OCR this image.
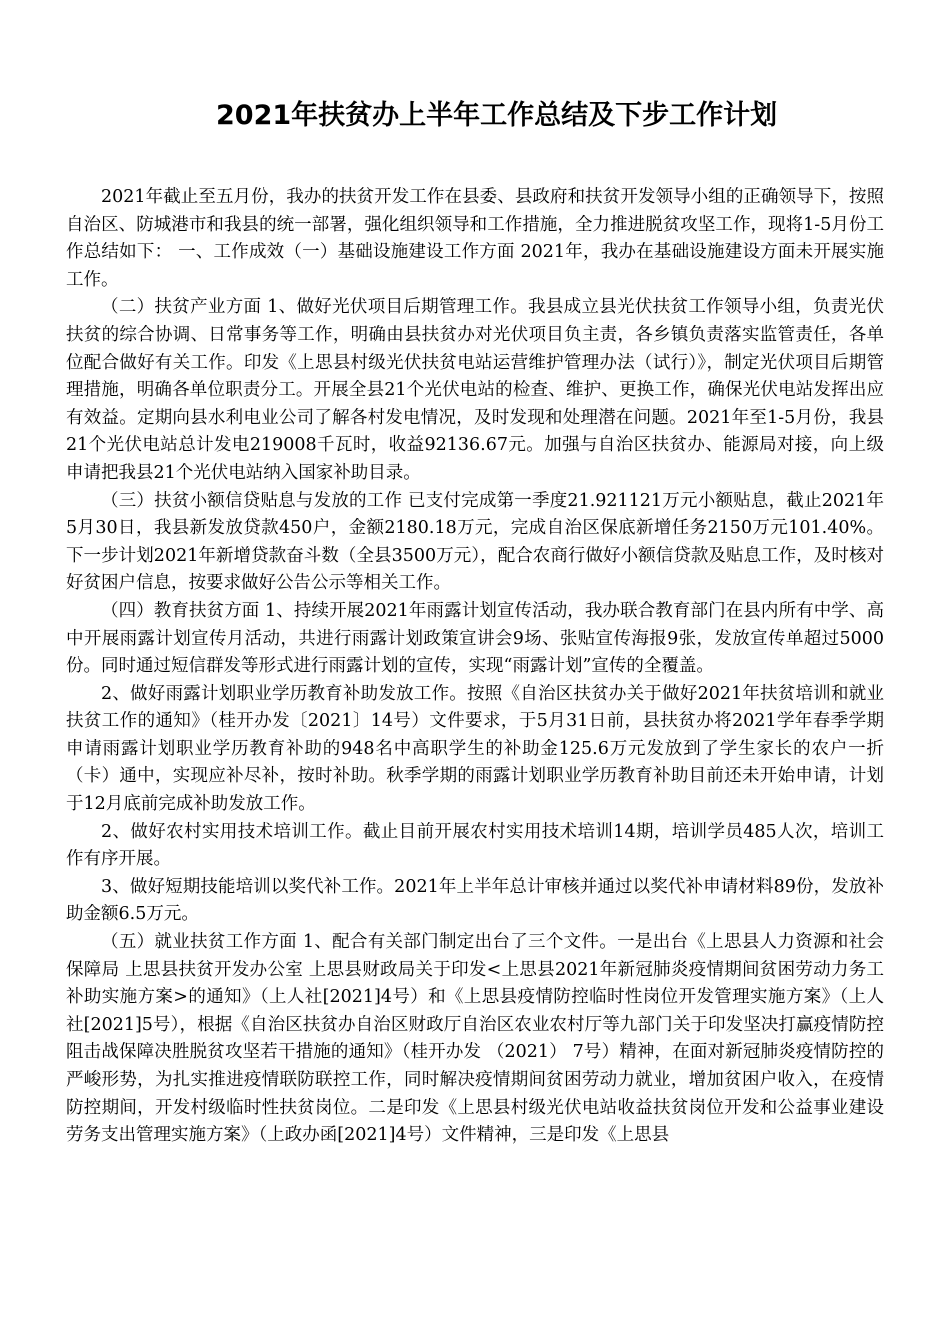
2021年扶贫办上半年工作总结及下步工作计划

2021年截止至五月份，我办的扶贫开发工作在县委、县政府和扶贫开发领导小组的正确领导下，按照自治区、防城港市和我县的统一部署，强化组织领导和工作措施，全力推进脱贫攻坚工作，现将1-5月份工作总结如下： 一、工作成效（一）基础设施建设工作方面 2021年，我办在基础设施建设方面未开展实施工作。

（二）扶贫产业方面 1、做好光伏项目后期管理工作。我县成立县光伏扶贫工作领导小组，负责光伏扶贫的综合协调、日常事务等工作，明确由县扶贫办对光伏项目负主责，各乡镇负责落实监管责任，各单位配合做好有关工作。印发《上思县村级光伏扶贫电站运营维护管理办法（试行）》，制定光伏项目后期管理措施，明确各单位职责分工。开展全县21个光伏电站的检查、维护、更换工作，确保光伏电站发挥出应有效益。定期向县水利电业公司了解各村发电情况，及时发现和处理潜在问题。2021年至1-5月份，我县21个光伏电站总计发电219008千瓦时，收益92136.67元。加强与自治区扶贫办、能源局对接，向上级申请把我县21个光伏电站纳入国家补助目录。

（三）扶贫小额信贷贴息与发放的工作 已支付完成第一季度21.921121万元小额贴息，截止2021年5月30日，我县新发放贷款450户，金额2180.18万元，完成自治区保底新增任务2150万元101.40%。下一步计划2021年新增贷款奋斗数（全县3500万元），配合农商行做好小额信贷款及贴息工作，及时核对好贫困户信息，按要求做好公告公示等相关工作。

（四）教育扶贫方面 1、持续开展2021年雨露计划宣传活动，我办联合教育部门在县内所有中学、高中开展雨露计划宣传月活动，共进行雨露计划政策宣讲会9场、张贴宣传海报9张，发放宣传单超过5000份。同时通过短信群发等形式进行雨露计划的宣传，实现“雨露计划”宣传的全覆盖。

2、做好雨露计划职业学历教育补助发放工作。按照《自治区扶贫办关于做好2021年扶贫培训和就业扶贫工作的通知》（桂开办发〔2021〕14号）文件要求，于5月31日前，县扶贫办将2021学年春季学期申请雨露计划职业学历教育补助的948名中高职学生的补助金125.6万元发放到了学生家长的农户一折（卡）通中，实现应补尽补，按时补助。秋季学期的雨露计划职业学历教育补助目前还未开始申请，计划于12月底前完成补助发放工作。

2、做好农村实用技术培训工作。截止目前开展农村实用技术培训14期，培训学员485人次，培训工作有序开展。

3、做好短期技能培训以奖代补工作。2021年上半年总计审核并通过以奖代补申请材料89份，发放补助金额6.5万元。

（五）就业扶贫工作方面 1、配合有关部门制定出台了三个文件。一是出台《上思县人力资源和社会保障局 上思县扶贫开发办公室 上思县财政局关于印发<上思县2021年新冠肺炎疫情期间贫困劳动力务工补助实施方案>的通知》（上人社[2021]4号）和《上思县疫情防控临时性岗位开发管理实施方案》（上人社[2021]5号），根据《自治区扶贫办自治区财政厅自治区农业农村厅等九部门关于印发坚决打赢疫情防控阻击战保障决胜脱贫攻坚若干措施的通知》（桂开办发 （2021） 7号）精神，在面对新冠肺炎疫情防控的严峻形势，为扎实推进疫情联防联控工作，同时解决疫情期间贫困劳动力就业，增加贫困户收入，在疫情防控期间，开发村级临时性扶贫岗位。二是印发《上思县村级光伏电站收益扶贫岗位开发和公益事业建设劳务支出管理实施方案》（上政办函[2021]4号）文件精神，三是印发《上思县
